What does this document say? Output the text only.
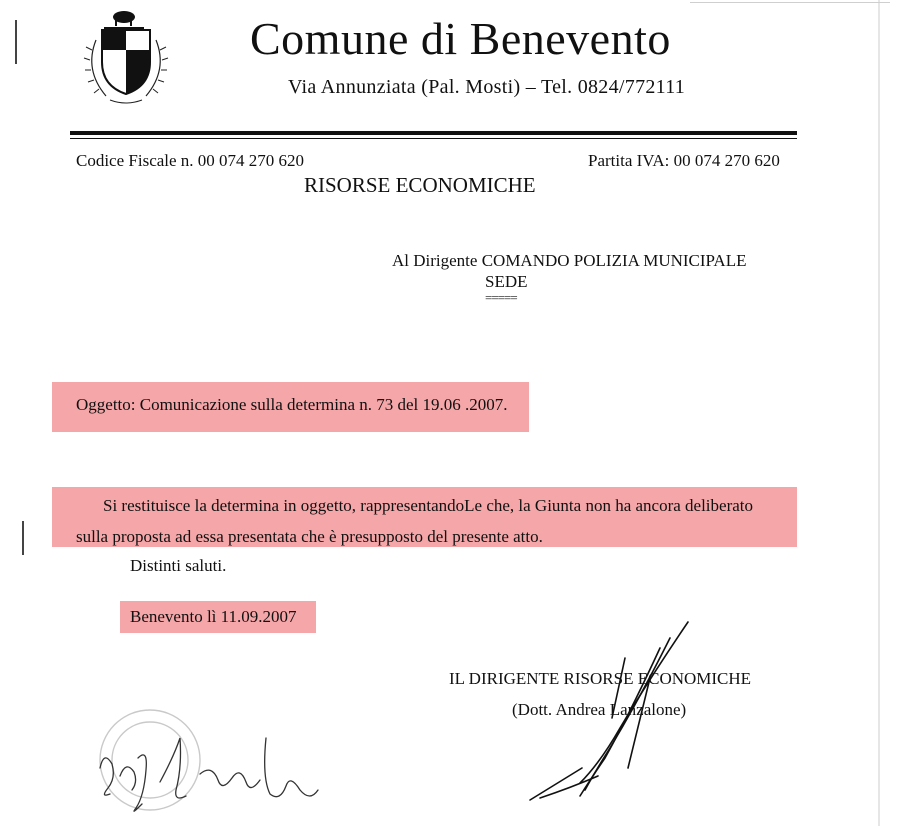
Comune di Benevento
Via Annunziata (Pal. Mosti) – Tel. 0824/772111
Codice Fiscale n. 00 074 270 620	Partita IVA: 00 074 270 620
RISORSE ECONOMICHE
Al Dirigente COMANDO POLIZIA MUNICIPALE
SEDE
=====
Oggetto: Comunicazione sulla determina n. 73 del 19.06 .2007.
Si restituisce la determina in oggetto, rappresentandoLe che, la Giunta non ha ancora deliberato
sulla proposta ad essa presentata che è presupposto del presente atto.
Distinti saluti.
Benevento lì 11.09.2007
IL DIRIGENTE RISORSE ECONOMICHE
(Dott. Andrea Lanzalone)
